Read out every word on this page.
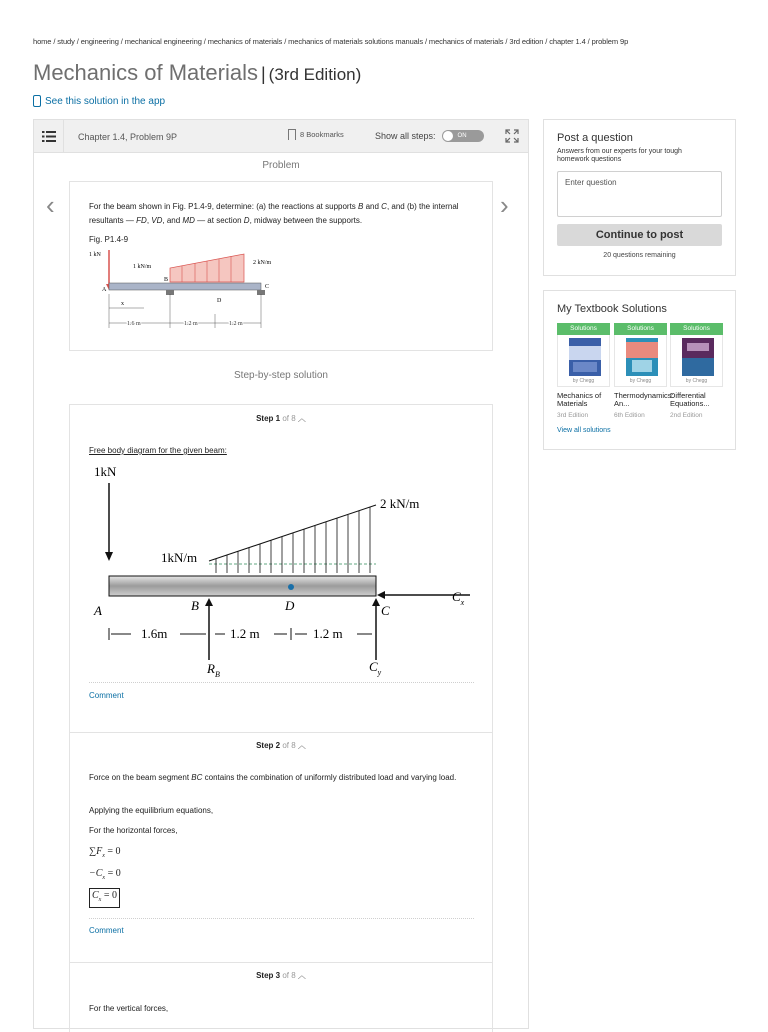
home / study / engineering / mechanical engineering / mechanics of materials / mechanics of materials solutions manuals / mechanics of materials / 3rd edition / chapter 1.4 / problem 9p
Mechanics of Materials | (3rd Edition)
See this solution in the app
Chapter 1.4, Problem 9P	8 Bookmarks	Show all steps:	ON
Problem
‹	›
For the beam shown in Fig. P1.4-9, determine: (a) the reactions at supports B and C, and (b) the internal resultants — FD, VD, and MD — at section D, midway between the supports.
Fig. P1.4-9
1 kN
1 kN/m
2 kN/m
A
B
C
D
x
1.6 m	1.2 m	1.2 m
Step-by-step solution
Step 1 of 8 ︿
Free body diagram for the given beam:
1kN
1kN/m
2 kN/m
$C_x$
A	B	D	C
1.6m	1.2 m	1.2 m
$R_B$
$C_y$
Comment
Step 2 of 8 ︿
Force on the beam segment BC contains the combination of uniformly distributed load and varying load.
Applying the equilibrium equations,
For the horizontal forces,
$\sum F_x = 0$
$-C_x = 0$
$C_x = 0$
Comment
Step 3 of 8 ︿
For the vertical forces,
Post a question
Answers from our experts for your tough homework questions
Enter question
Continue to post
20 questions remaining
My Textbook Solutions
Solutions
by Chegg
Mechanics of Materials
3rd Edition
Solutions
by Chegg
Thermodynamics: An...
6th Edition
Solutions
by Chegg
Differential Equations...
2nd Edition
View all solutions
